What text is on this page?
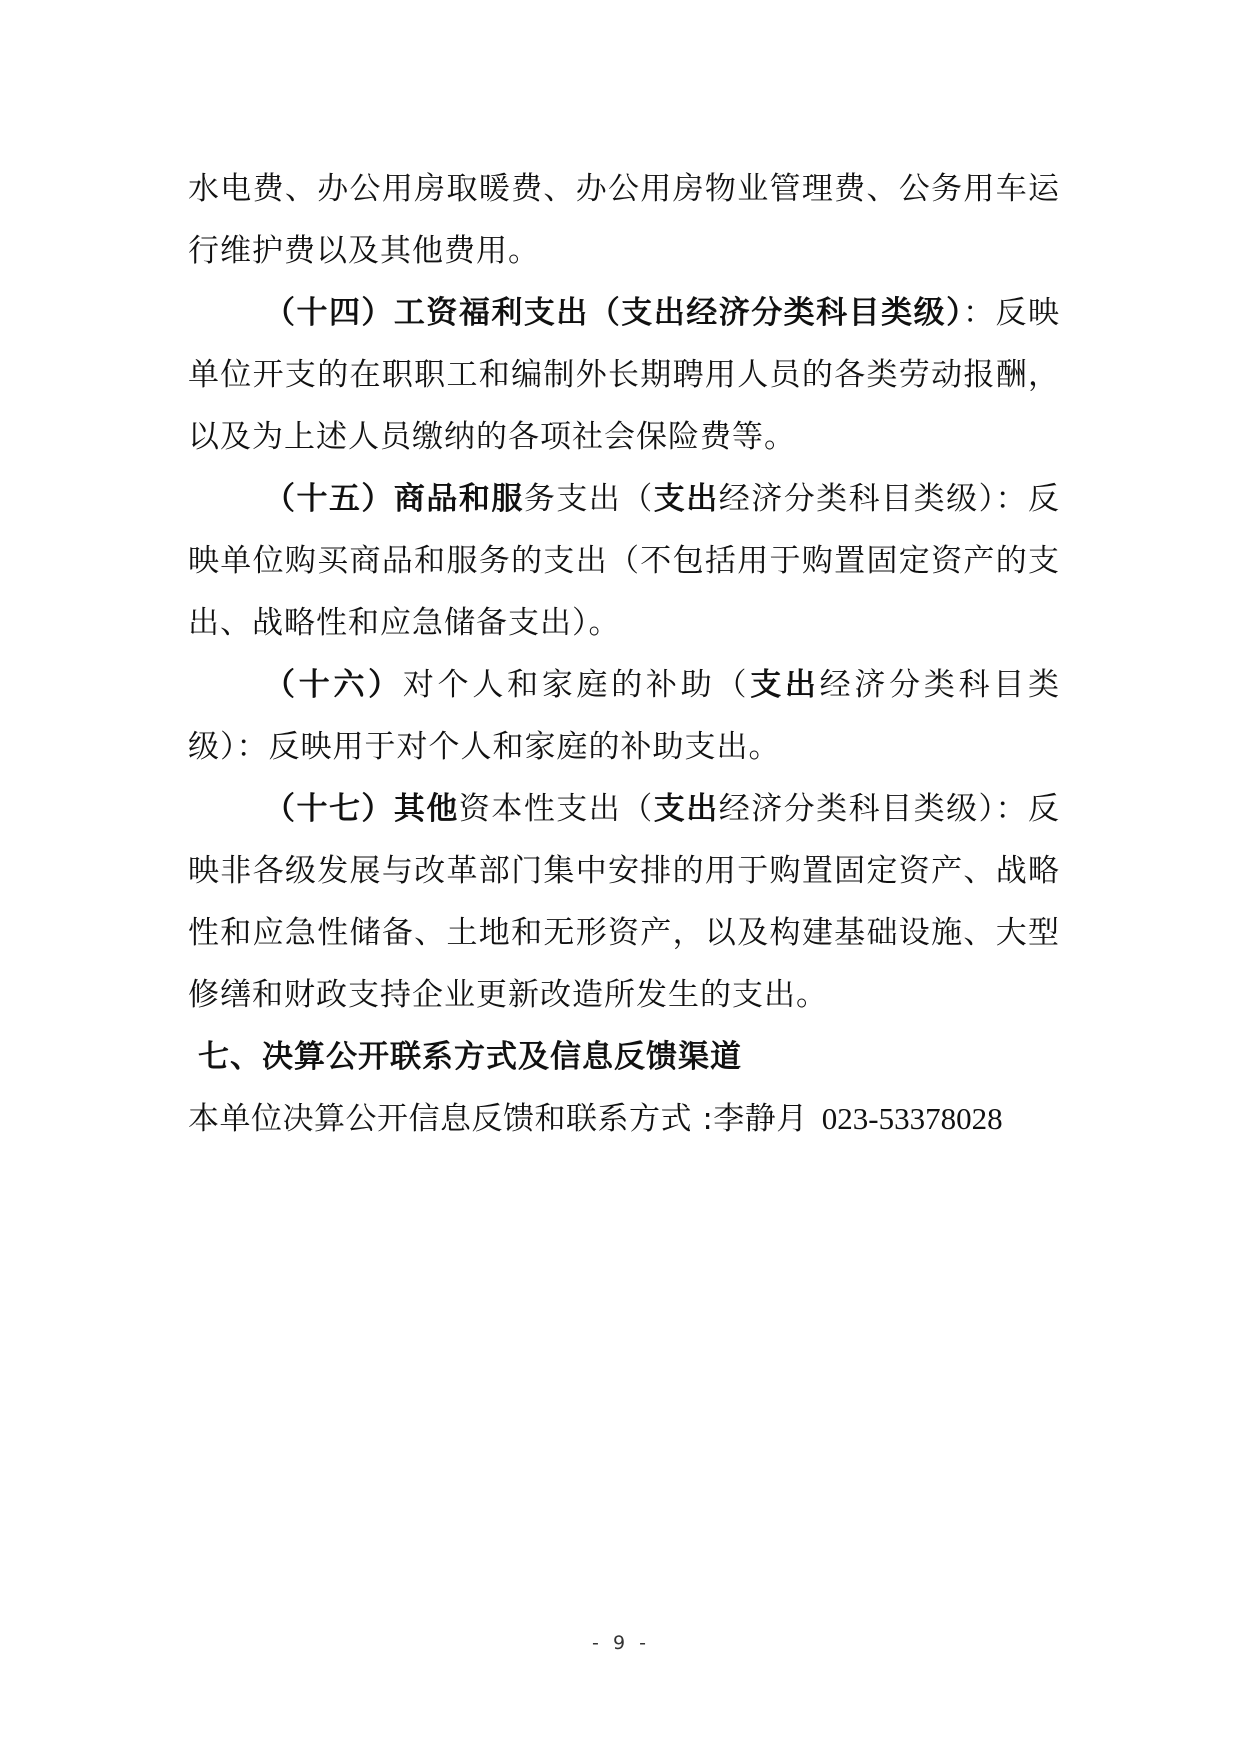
水电费、办公用房取暖费、办公用房物业管理费、公务用车运行维护费以及其他费用。

（十四）工资福利支出（支出经济分类科目类级）：反映单位开支的在职职工和编制外长期聘用人员的各类劳动报酬，以及为上述人员缴纳的各项社会保险费等。

（十五）商品和服务支出（支出经济分类科目类级）：反映单位购买商品和服务的支出（不包括用于购置固定资产的支出、战略性和应急储备支出）。

（十六）对个人和家庭的补助（支出经济分类科目类级）：反映用于对个人和家庭的补助支出。

（十七）其他资本性支出（支出经济分类科目类级）：反映非各级发展与改革部门集中安排的用于购置固定资产、战略性和应急性储备、土地和无形资产，以及构建基础设施、大型修缮和财政支持企业更新改造所发生的支出。

七、决算公开联系方式及信息反馈渠道

本单位决算公开信息反馈和联系方式 :李静月 023-53378028

- 9 -
